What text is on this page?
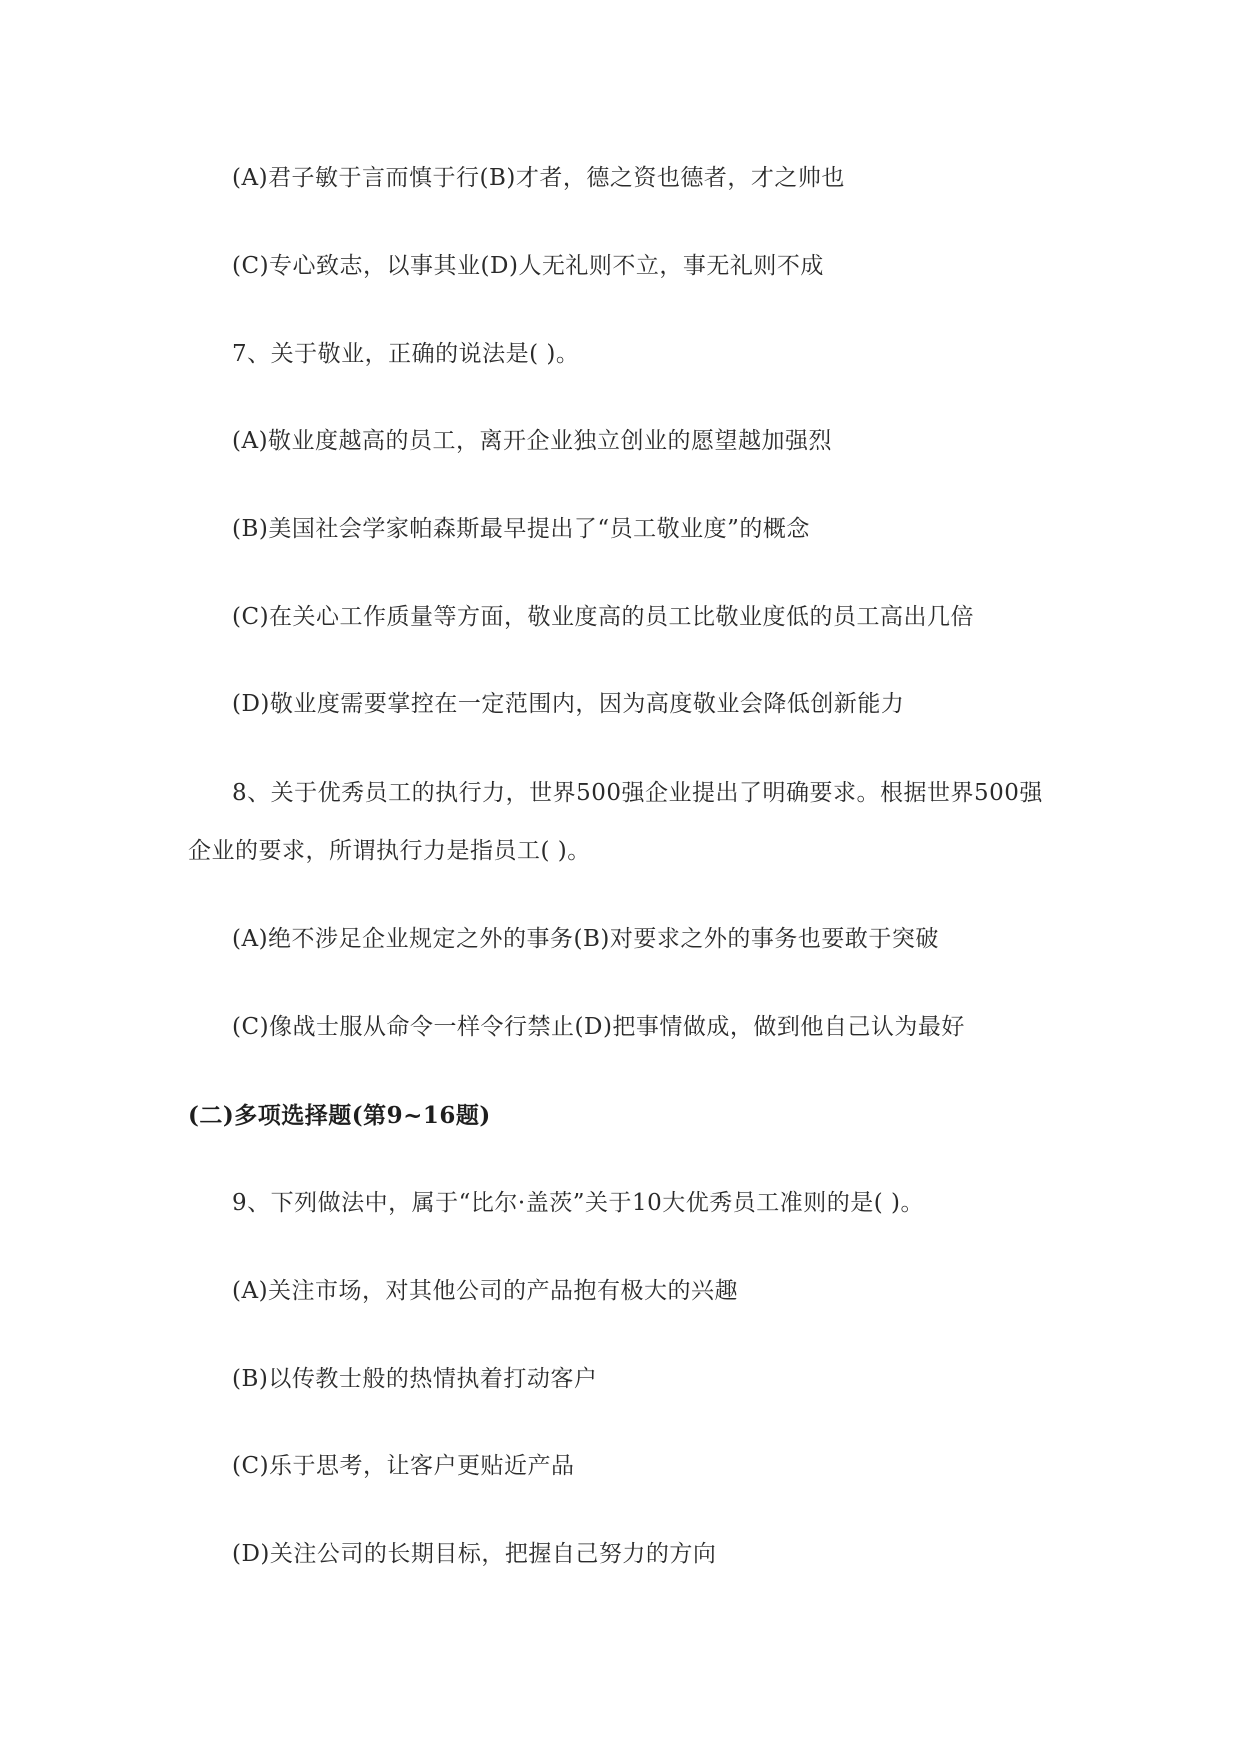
(A)君子敏于言而慎于行(B)才者，德之资也德者，才之帅也
(C)专心致志，以事其业(D)人无礼则不立，事无礼则不成
7、关于敬业，正确的说法是( )。
(A)敬业度越高的员工，离开企业独立创业的愿望越加强烈
(B)美国社会学家帕森斯最早提出了“员工敬业度”的概念
(C)在关心工作质量等方面，敬业度高的员工比敬业度低的员工高出几倍
(D)敬业度需要掌控在一定范围内，因为高度敬业会降低创新能力
8、关于优秀员工的执行力，世界500强企业提出了明确要求。根据世界500强
企业的要求，所谓执行力是指员工( )。
(A)绝不涉足企业规定之外的事务(B)对要求之外的事务也要敢于突破
(C)像战士服从命令一样令行禁止(D)把事情做成，做到他自己认为最好
(二)多项选择题(第9~16题)
9、下列做法中，属于“比尔·盖茨”关于10大优秀员工准则的是( )。
(A)关注市场，对其他公司的产品抱有极大的兴趣
(B)以传教士般的热情执着打动客户
(C)乐于思考，让客户更贴近产品
(D)关注公司的长期目标，把握自己努力的方向
